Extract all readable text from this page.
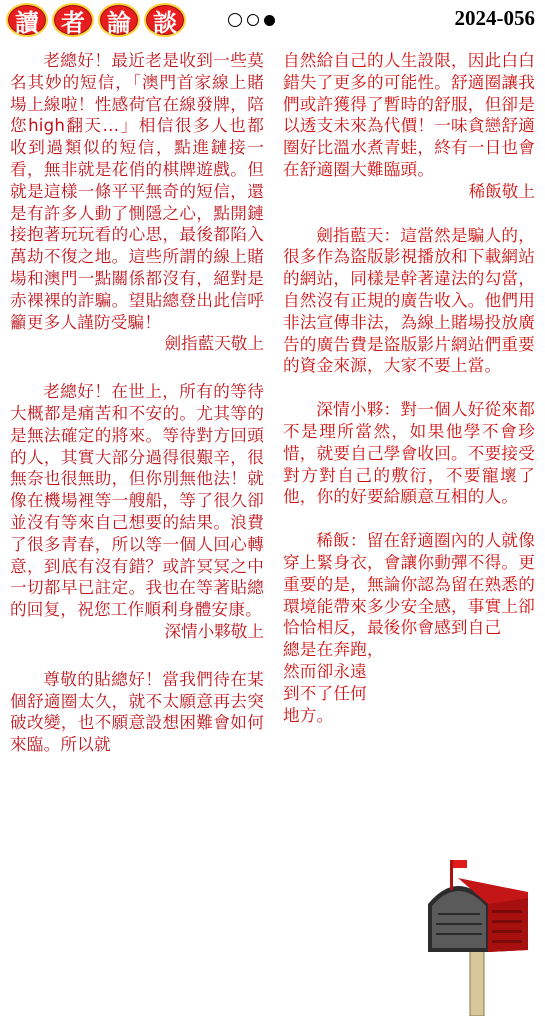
讀 者 論 談	2024-056

老總好！最近老是收到一些莫名其妙的短信，「澳門首家線上賭場上線啦！性感荷官在線發牌，陪您high翻天…」相信很多人也都收到過類似的短信，點進鏈接一看，無非就是花俏的棋牌遊戲。但就是這樣一條平平無奇的短信，還是有許多人動了惻隱之心，點開鏈接抱著玩玩看的心思，最後都陷入萬劫不復之地。這些所謂的線上賭場和澳門一點關係都沒有，絕對是赤裸裸的詐騙。望貼總登出此信呼籲更多人謹防受騙！

劍指藍天敬上

老總好！在世上，所有的等待大概都是痛苦和不安的。尤其等的是無法確定的將來。等待對方回頭的人，其實大部分過得很艱辛，很無奈也很無助，但你別無他法！就像在機場裡等一艘船，等了很久卻並沒有等來自己想要的結果。浪費了很多青春，所以等一個人回心轉意，到底有沒有錯？或許冥冥之中一切都早已註定。我也在等著貼總的回复，祝您工作順利身體安康。

深情小夥敬上

尊敬的貼總好！當我們待在某個舒適圈太久，就不太願意再去突破改變，也不願意設想困難會如何來臨。所以就

自然給自己的人生設限，因此白白錯失了更多的可能性。舒適圈讓我們或許獲得了暫時的舒服，但卻是以透支未來為代價！一味貪戀舒適圈好比溫水煮青蛙，終有一日也會在舒適圈大難臨頭。

稀飯敬上

劍指藍天：這當然是騙人的，很多作為盜版影視播放和下載網站的網站，同樣是幹著違法的勾當，自然沒有正規的廣告收入。他們用非法宣傳非法，為線上賭場投放廣告的廣告費是盜版影片網站們重要的資金來源，大家不要上當。

深情小夥：對一個人好從來都不是理所當然，如果他學不會珍惜，就要自己學會收回。不要接受對方對自己的敷衍，不要寵壞了他，你的好要給願意互相的人。

稀飯：留在舒適圈內的人就像穿上緊身衣，會讓你動彈不得。更重要的是，無論你認為留在熟悉的環境能帶來多少安全感，事實上卻恰恰相反，最後你會感到自己

總是在奔跑，

然而卻永遠

到不了任何

地方。
